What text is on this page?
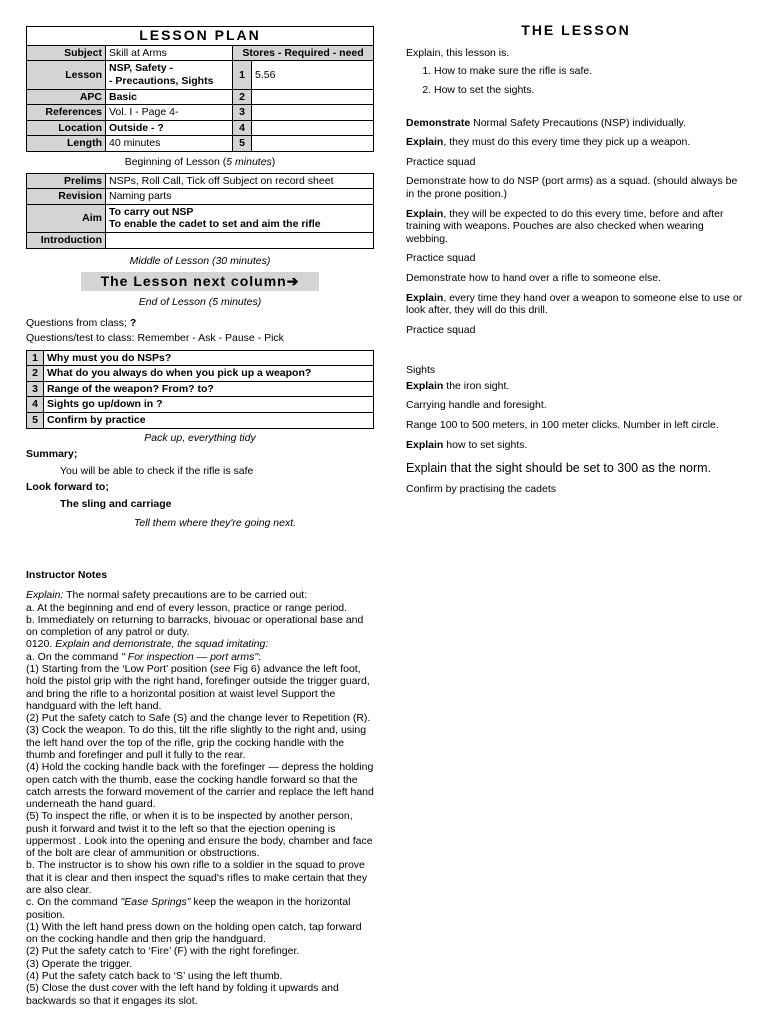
LESSON PLAN			
Subject	Skill at Arms	Stores - Required - need	
Lesson	NSP, Safety -
- Precautions, Sights	1	5.56
APC	Basic	2	
References	Vol. I - Page 4-	3	
Location	Outside - ?	4	
Length	40 minutes	5	
Beginning of Lesson (5 minutes)
Prelims	NSPs, Roll Call, Tick off Subject on record sheet
Revision	Naming parts
Aim	To carry out NSP
To enable the cadet to set and aim the rifle

Introduction	
Middle of Lesson (30 minutes)
The Lesson next column➔
End of Lesson (5 minutes)
Questions from class; ?
Questions/test to class: Remember - Ask - Pause - Pick
1	Why must you do NSPs?
2	What do you always do when you pick up a weapon?
3	Range of the weapon? From? to?
4	Sights go up/down in ?
5	Confirm by practice
Pack up, everything tidy
Summary;
You will be able to check if the rifle is safe
Look forward to;
The sling and carriage
Tell them where they're going next.

Instructor Notes

Explain: The normal safety precautions are to be carried out:

a. At the beginning and end of every lesson, practice or range period.

b. Immediately on returning to barracks, bivouac or operational base and on completion of any patrol or duty.

0120. Explain and demonstrate, the squad imitating:

a. On the command " For inspection — port arms":

(1) Starting from the ‘Low Port’ position (see Fig 6) advance the left foot, hold the pistol grip with the right hand, forefinger outside the trigger guard, and bring the rifle to a horizontal position at waist level Support the handguard with the left hand.

(2) Put the safety catch to Safe (S) and the change lever to Repetition (R).

(3) Cock the weapon. To do this, tilt the rifle slightly to the right and, using the left hand over the top of the rifle, grip the cocking handle with the thumb and forefinger and pull it fully to the rear.

(4) Hold the cocking handle back with the forefinger — depress the holding open catch with the thumb, ease the cocking handle forward so that the catch arrests the forward movement of the carrier and replace the left hand underneath the hand guard.

(5) To inspect the rifle, or when it is to be inspected by another person, push it forward and twist it to the left so that the ejection opening is uppermost . Look into the opening and ensure the body, chamber and face of the bolt are clear of ammunition or obstructions.

b. The instructor is to show his own rifle to a soldier in the squad to prove that it is clear and then inspect the squad's rifles to make certain that they are also clear.

c. On the command "Ease Springs" keep the weapon in the horizontal position.

(1) With the left hand press down on the holding open catch, tap forward on the cocking handle and then grip the handguard.

(2) Put the safety catch to ‘Fire’ (F) with the right forefinger.

(3) Operate the trigger.

(4) Put the safety catch back to ‘S’ using the left thumb.

(5) Close the dust cover with the left hand by folding it upwards and backwards so that it engages its slot.

THE LESSON

Explain, this lesson is.

1. How to make sure the rifle is safe.
2. How to set the sights.

Demonstrate Normal Safety Precautions (NSP) individually.

Explain, they must do this every time they pick up a weapon.

Practice squad

Demonstrate how to do NSP (port arms) as a squad. (should always be in the prone position.)

Explain, they will be expected to do this every time, before and after training with weapons. Pouches are also checked when wearing webbing.

Practice squad

Demonstrate how to hand over a rifle to someone else.

Explain, every time they hand over a weapon to someone else to use or look after, they will do this drill.

Practice squad

Sights

Explain the iron sight.

Carrying handle and foresight.

Range 100 to 500 meters, in 100 meter clicks. Number in left circle.

Explain how to set sights.

Explain that the sight should be set to 300 as the norm.

Confirm by practising the cadets
